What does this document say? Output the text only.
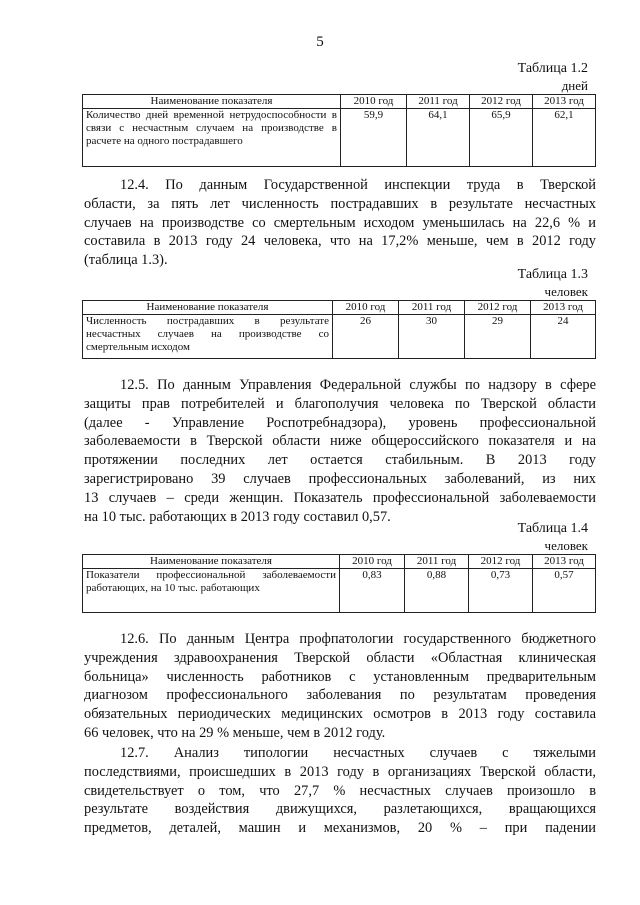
5
Таблица 1.2
дней
Наименование показателя	2010 год	2011 год	2012 год	2013 год
Количество дней временной нетрудоспособности в связи с несчастным случаем на производстве в расчете на одного пострадавшего	59,9	64,1	65,9	62,1
12.4. По данным Государственной инспекции труда в Тверской
области, за пять лет численность пострадавших в результате несчастных
случаев на производстве со смертельным исходом уменьшилась на 22,6 % и
составила в 2013 году 24 человека, что на 17,2% меньше, чем в 2012 году
(таблица 1.3).
Таблица 1.3
человек
Наименование показателя	2010 год	2011 год	2012 год	2013 год
Численность пострадавших в результате несчастных случаев на производстве со смертельным исходом	26	30	29	24
12.5. По данным Управления Федеральной службы по надзору в сфере
защиты прав потребителей и благополучия человека по Тверской области
(далее - Управление Роспотребнадзора), уровень профессиональной
заболеваемости в Тверской области ниже общероссийского показателя и на
протяжении последних лет остается стабильным. В 2013 году
зарегистрировано 39 случаев профессиональных заболеваний, из них
13 случаев – среди женщин. Показатель профессиональной заболеваемости
на 10 тыс. работающих в 2013 году составил 0,57.
Таблица 1.4
человек
Наименование показателя	2010 год	2011 год	2012 год	2013 год
Показатели профессиональной заболеваемости работающих, на 10 тыс. работающих	0,83	0,88	0,73	0,57
12.6. По данным Центра профпатологии государственного бюджетного
учреждения здравоохранения Тверской области «Областная клиническая
больница» численность работников с установленным предварительным
диагнозом профессионального заболевания по результатам проведения
обязательных периодических медицинских осмотров в 2013 году составила
66 человек, что на 29 % меньше, чем в 2012 году.
12.7. Анализ типологии несчастных случаев с тяжелыми
последствиями, происшедших в 2013 году в организациях Тверской области,
свидетельствует о том, что 27,7 % несчастных случаев произошло в
результате воздействия движущихся, разлетающихся, вращающихся
предметов, деталей, машин и механизмов, 20 % – при падении
